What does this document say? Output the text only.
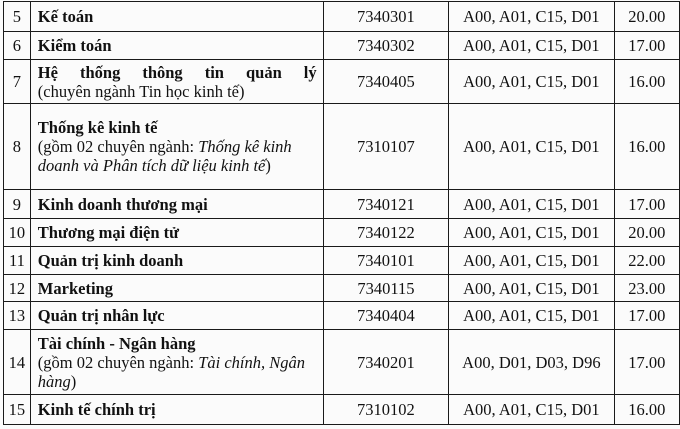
5	Kế toán	7340301	A00, A01, C15, D01	20.00
6	Kiểm toán	7340302	A00, A01, C15, D01	17.00
7	Hệ thống thông tin quản lý
(chuyên ngành Tin học kinh tế)	7340405	A00, A01, C15, D01	16.00
8	Thống kê kinh tế
(gồm 02 chuyên ngành: Thống kê kinh doanh và Phân tích dữ liệu kinh tế)	7310107	A00, A01, C15, D01	16.00
9	Kinh doanh thương mại	7340121	A00, A01, C15, D01	17.00
10	Thương mại điện tử	7340122	A00, A01, C15, D01	20.00
11	Quản trị kinh doanh	7340101	A00, A01, C15, D01	22.00
12	Marketing	7340115	A00, A01, C15, D01	23.00
13	Quản trị nhân lực	7340404	A00, A01, C15, D01	17.00
14	Tài chính - Ngân hàng
(gồm 02 chuyên ngành: Tài chính, Ngân hàng)	7340201	A00, D01, D03, D96	17.00
15	Kinh tế chính trị	7310102	A00, A01, C15, D01	16.00
